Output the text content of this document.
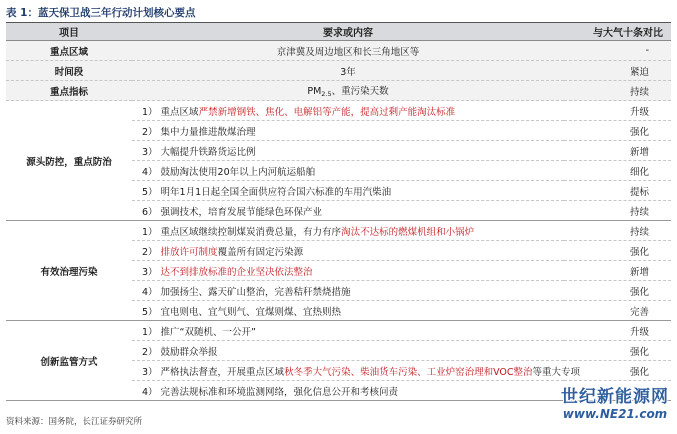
表 1：蓝天保卫战三年行动计划核心要点
项目	要求或内容	与大气十条对比
重点区域	京津冀及周边地区和长三角地区等	-
时间段	3年	紧迫
重点指标	$PM_{2.5}$、重污染天数	持续
源头防控，重点防治	1） 重点区域严禁新增钢铁、焦化、电解铝等产能，提高过剩产能淘汰标准	升级
	2） 集中力量推进散煤治理	强化
	3） 大幅提升铁路货运比例	新增
	4） 鼓励淘汰使用20年以上内河航运船舶	细化
	5） 明年1月1日起全国全面供应符合国六标准的车用汽柴油	提标
	6） 强调技术，培育发展节能绿色环保产业	持续
有效治理污染	1） 重点区域继续控制煤炭消费总量，有力有序淘汰不达标的燃煤机组和小锅炉	持续
	2） 排放许可制度覆盖所有固定污染源	强化
	3） 达不到排放标准的企业坚决依法整治	新增
	4） 加强扬尘、露天矿山整治，完善秸秆禁烧措施	强化
	5） 宜电则电、宜气则气、宜煤则煤、宜热则热	完善
创新监管方式	1） 推广“双随机、一公开”	升级
	2） 鼓励群众举报	强化
	3） 严格执法督查，开展重点区域秋冬季大气污染、柴油货车污染、工业炉窑治理和VOC整治等重大专项	强化
	4） 完善法规标准和环境监测网络，强化信息公开和考核问责	
资料来源：国务院，长江证券研究所
世纪新能源网
www.NE21.com
